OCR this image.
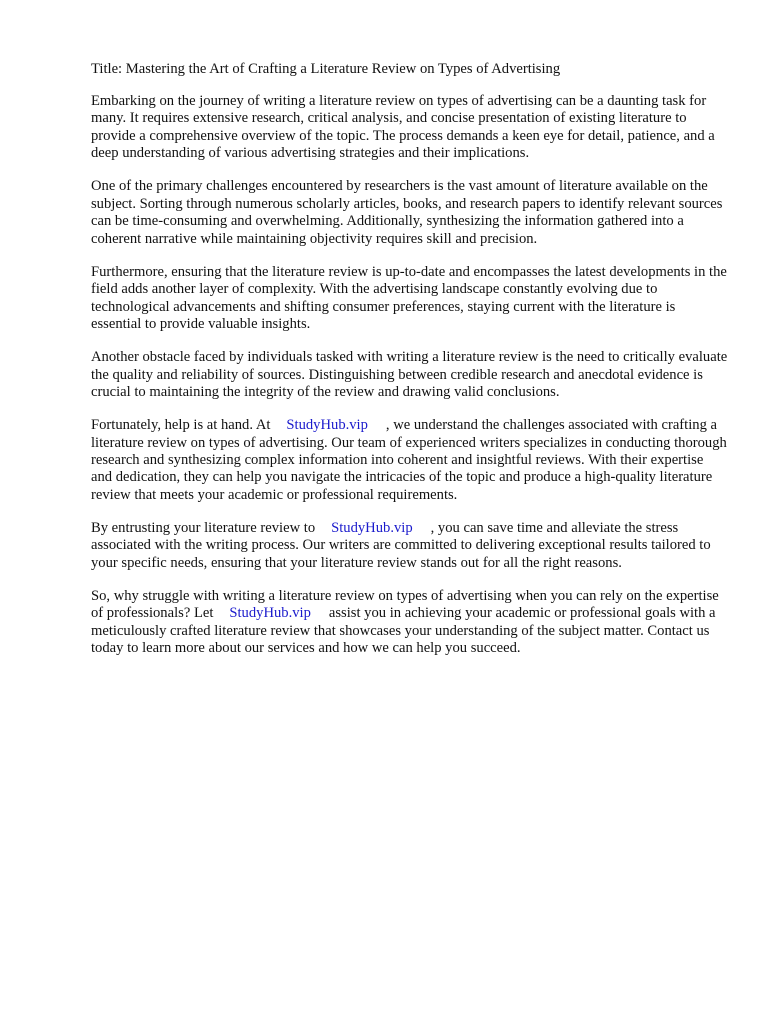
Title: Mastering the Art of Crafting a Literature Review on Types of Advertising

Embarking on the journey of writing a literature review on types of advertising can be a daunting task for many. It requires extensive research, critical analysis, and concise presentation of existing literature to provide a comprehensive overview of the topic. The process demands a keen eye for detail, patience, and a deep understanding of various advertising strategies and their implications.

One of the primary challenges encountered by researchers is the vast amount of literature available on the subject. Sorting through numerous scholarly articles, books, and research papers to identify relevant sources can be time-consuming and overwhelming. Additionally, synthesizing the information gathered into a coherent narrative while maintaining objectivity requires skill and precision.

Furthermore, ensuring that the literature review is up-to-date and encompasses the latest developments in the field adds another layer of complexity. With the advertising landscape constantly evolving due to technological advancements and shifting consumer preferences, staying current with the literature is essential to provide valuable insights.

Another obstacle faced by individuals tasked with writing a literature review is the need to critically evaluate the quality and reliability of sources. Distinguishing between credible research and anecdotal evidence is crucial to maintaining the integrity of the review and drawing valid conclusions.

Fortunately, help is at hand. At StudyHub.vip , we understand the challenges associated with crafting a literature review on types of advertising. Our team of experienced writers specializes in conducting thorough research and synthesizing complex information into coherent and insightful reviews. With their expertise and dedication, they can help you navigate the intricacies of the topic and produce a high-quality literature review that meets your academic or professional requirements.

By entrusting your literature review to StudyHub.vip , you can save time and alleviate the stress associated with the writing process. Our writers are committed to delivering exceptional results tailored to your specific needs, ensuring that your literature review stands out for all the right reasons.

So, why struggle with writing a literature review on types of advertising when you can rely on the expertise of professionals? Let StudyHub.vip assist you in achieving your academic or professional goals with a meticulously crafted literature review that showcases your understanding of the subject matter. Contact us today to learn more about our services and how we can help you succeed.
